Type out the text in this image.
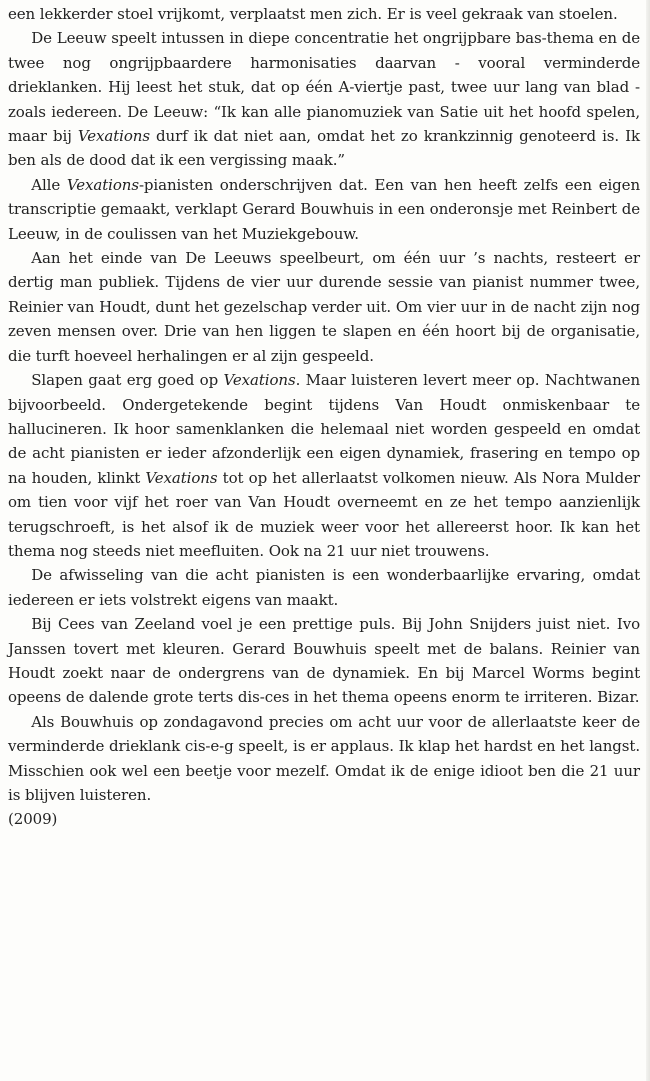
een lekkerder stoel vrijkomt, verplaatst men zich. Er is veel gekraak van stoelen.

De Leeuw speelt intussen in diepe concentratie het ongrijpbare bas-thema en de twee nog ongrijpbaardere harmonisaties daarvan - vooral verminderde drieklanken. Hij leest het stuk, dat op één A-viertje past, twee uur lang van blad - zoals iedereen. De Leeuw: “Ik kan alle pianomuziek van Satie uit het hoofd spelen, maar bij Vexations durf ik dat niet aan, omdat het zo krankzinnig genoteerd is. Ik ben als de dood dat ik een vergissing maak.”

Alle Vexations-pianisten onderschrijven dat. Een van hen heeft zelfs een eigen transcriptie gemaakt, verklapt Gerard Bouwhuis in een onderonsje met Reinbert de Leeuw, in de coulissen van het Muziekgebouw.

Aan het einde van De Leeuws speelbeurt, om één uur ’s nachts, resteert er dertig man publiek. Tijdens de vier uur durende sessie van pianist nummer twee, Reinier van Houdt, dunt het gezelschap verder uit. Om vier uur in de nacht zijn nog zeven mensen over. Drie van hen liggen te slapen en één hoort bij de organisatie, die turft hoeveel herhalingen er al zijn gespeeld.

Slapen gaat erg goed op Vexations. Maar luisteren levert meer op. Nachtwanen bijvoorbeeld. Ondergetekende begint tijdens Van Houdt onmiskenbaar te hallucineren. Ik hoor samenklanken die helemaal niet worden gespeeld en omdat de acht pianisten er ieder afzonderlijk een eigen dynamiek, frasering en tempo op na houden, klinkt Vexations tot op het allerlaatst volkomen nieuw. Als Nora Mulder om tien voor vijf het roer van Van Houdt overneemt en ze het tempo aanzienlijk terugschroeft, is het alsof ik de muziek weer voor het allereerst hoor. Ik kan het thema nog steeds niet meefluiten. Ook na 21 uur niet trouwens.

De afwisseling van die acht pianisten is een wonderbaarlijke ervaring, omdat iedereen er iets volstrekt eigens van maakt.

Bij Cees van Zeeland voel je een prettige puls. Bij John Snijders juist niet. Ivo Janssen tovert met kleuren. Gerard Bouwhuis speelt met de balans. Reinier van Houdt zoekt naar de ondergrens van de dynamiek. En bij Marcel Worms begint opeens de dalende grote terts dis-ces in het thema opeens enorm te irriteren. Bizar.

Als Bouwhuis op zondagavond precies om acht uur voor de allerlaatste keer de verminderde drieklank cis-e-g speelt, is er applaus. Ik klap het hardst en het langst. Misschien ook wel een beetje voor mezelf. Omdat ik de enige idioot ben die 21 uur is blijven luisteren.

(2009)
